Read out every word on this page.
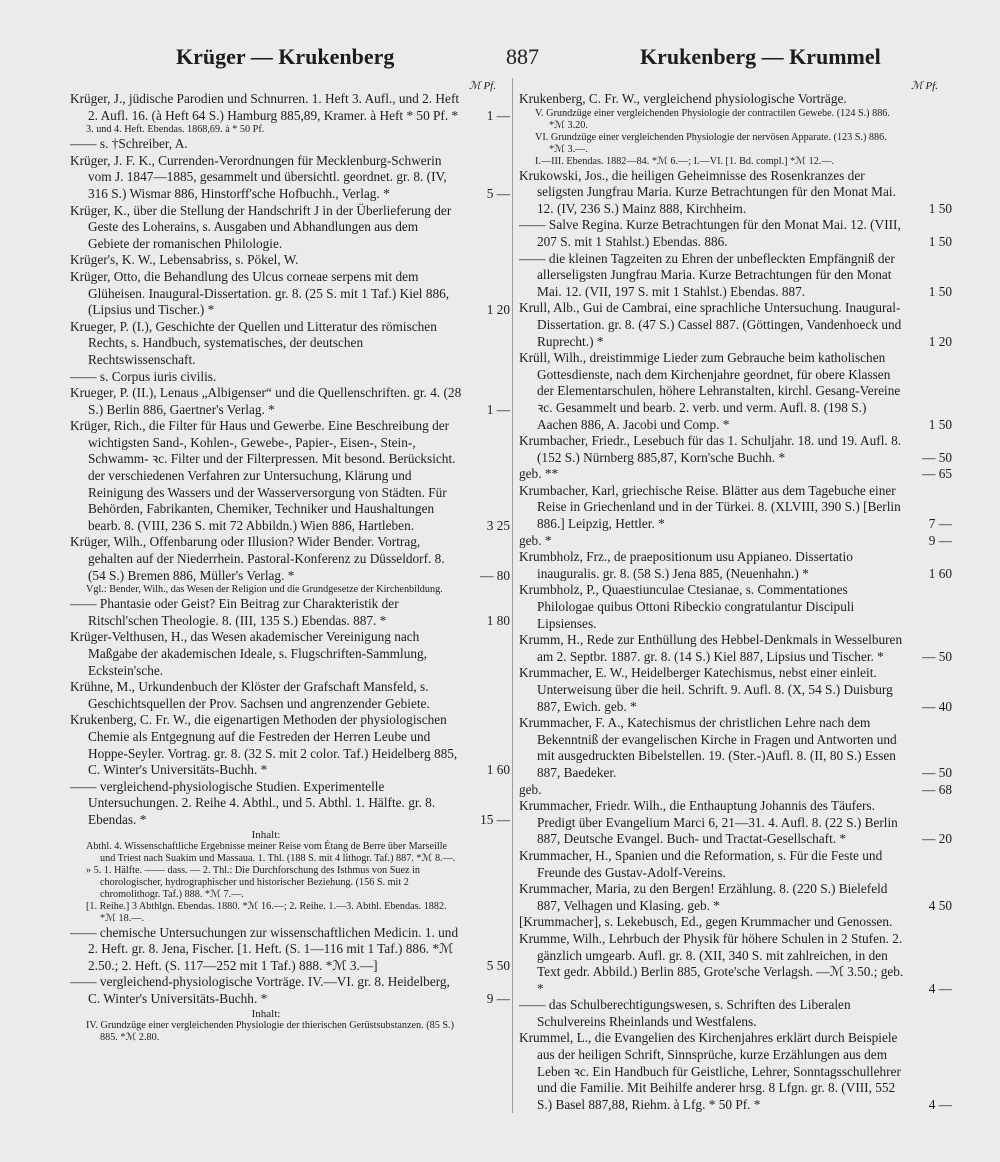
Krüger — Krukenberg	887	Krukenberg — Krummel
ℳ Pf.
Krüger, J., jüdische Parodien und Schnurren. 1. Heft 3. Aufl., und 2. Heft 2. Aufl. 16. (à Heft 64 S.) Hamburg 885,89, Kramer. à Heft * 50 Pf. *	1 —
3. und 4. Heft. Ebendas. 1868,69. à * 50 Pf.
—— s. †Schreiber, A.
Krüger, J. F. K., Currenden-Verordnungen für Mecklenburg-Schwerin vom J. 1847—1885, gesammelt und übersichtl. geordnet. gr. 8. (IV, 316 S.) Wismar 886, Hinstorff'sche Hofbuchh., Verlag. *	5 —
Krüger, K., über die Stellung der Handschrift J in der Überlieferung der Geste des Loherains, s. Ausgaben und Abhandlungen aus dem Gebiete der romanischen Philologie.
Krüger's, K. W., Lebensabriss, s. Pökel, W.
Krüger, Otto, die Behandlung des Ulcus corneae serpens mit dem Glüheisen. Inaugural-Dissertation. gr. 8. (25 S. mit 1 Taf.) Kiel 886, (Lipsius und Tischer.) *	1 20
Krueger, P. (I.), Geschichte der Quellen und Litteratur des römischen Rechts, s. Handbuch, systematisches, der deutschen Rechtswissenschaft.
—— s. Corpus iuris civilis.
Krueger, P. (II.), Lenaus „Albigenser“ und die Quellenschriften. gr. 4. (28 S.) Berlin 886, Gaertner's Verlag. *	1 —
Krüger, Rich., die Filter für Haus und Gewerbe. Eine Beschreibung der wichtigsten Sand-, Kohlen-, Gewebe-, Papier-, Eisen-, Stein-, Schwamm- ꝛc. Filter und der Filterpressen. Mit besond. Berücksicht. der verschiedenen Verfahren zur Untersuchung, Klärung und Reinigung des Wassers und der Wasserversorgung von Städten. Für Behörden, Fabrikanten, Chemiker, Techniker und Haushaltungen bearb. 8. (VIII, 236 S. mit 72 Abbildn.) Wien 886, Hartleben.	3 25
Krüger, Wilh., Offenbarung oder Illusion? Wider Bender. Vortrag, gehalten auf der Niederrhein. Pastoral-Konferenz zu Düsseldorf. 8. (54 S.) Bremen 886, Müller's Verlag. *	— 80
Vgl.: Bender, Wilh., das Wesen der Religion und die Grundgesetze der Kirchenbildung.
—— Phantasie oder Geist? Ein Beitrag zur Charakteristik der Ritschl'schen Theologie. 8. (III, 135 S.) Ebendas. 887. *	1 80
Krüger-Velthusen, H., das Wesen akademischer Vereinigung nach Maßgabe der akademischen Ideale, s. Flugschriften-Sammlung, Eckstein'sche.
Krühne, M., Urkundenbuch der Klöster der Grafschaft Mansfeld, s. Geschichtsquellen der Prov. Sachsen und angrenzender Gebiete.
Krukenberg, C. Fr. W., die eigenartigen Methoden der physiologischen Chemie als Entgegnung auf die Festreden der Herren Leube und Hoppe-Seyler. Vortrag. gr. 8. (32 S. mit 2 color. Taf.) Heidelberg 885, C. Winter's Universitäts-Buchh. *	1 60
—— vergleichend-physiologische Studien. Experimentelle Untersuchungen. 2. Reihe 4. Abthl., und 5. Abthl. 1. Hälfte. gr. 8. Ebendas. *	15 —
Inhalt:
Abthl. 4. Wissenschaftliche Ergebnisse meiner Reise vom Étang de Berre über Marseille und Triest nach Suakim und Massaua. 1. Thl. (188 S. mit 4 lithogr. Taf.) 887. *ℳ 8.—.
» 5. 1. Hälfte. —— dass. — 2. Thl.: Die Durchforschung des Isthmus von Suez in chorologischer, hydrographischer und historischer Beziehung. (156 S. mit 2 chromolithogr. Taf.) 888. *ℳ 7.—.
[1. Reihe.] 3 Abthlgn. Ebendas. 1880. *ℳ 16.—; 2. Reihe. 1.—3. Abthl. Ebendas. 1882. *ℳ 18.—.
—— chemische Untersuchungen zur wissenschaftlichen Medicin. 1. und 2. Heft. gr. 8. Jena, Fischer. [1. Heft. (S. 1—116 mit 1 Taf.) 886. *ℳ 2.50.; 2. Heft. (S. 117—252 mit 1 Taf.) 888. *ℳ 3.—]	5 50
—— vergleichend-physiologische Vorträge. IV.—VI. gr. 8. Heidelberg, C. Winter's Universitäts-Buchh. *	9 —
Inhalt:
IV. Grundzüge einer vergleichenden Physiologie der thierischen Gerüstsubstanzen. (85 S.) 885. *ℳ 2.80.
ℳ Pf.
Krukenberg, C. Fr. W., vergleichend physiologische Vorträge.
V. Grundzüge einer vergleichenden Physiologie der contractilen Gewebe. (124 S.) 886. *ℳ 3.20.
VI. Grundzüge einer vergleichenden Physiologie der nervösen Apparate. (123 S.) 886. *ℳ 3.—.
I.—III. Ebendas. 1882—84. *ℳ 6.—; I.—VI. [1. Bd. compl.] *ℳ 12.—.
Krukowski, Jos., die heiligen Geheimnisse des Rosenkranzes der seligsten Jungfrau Maria. Kurze Betrachtungen für den Monat Mai. 12. (IV, 236 S.) Mainz 888, Kirchheim.	1 50
—— Salve Regina. Kurze Betrachtungen für den Monat Mai. 12. (VIII, 207 S. mit 1 Stahlst.) Ebendas. 886.	1 50
—— die kleinen Tagzeiten zu Ehren der unbefleckten Empfängniß der allerseligsten Jungfrau Maria. Kurze Betrachtungen für den Monat Mai. 12. (VII, 197 S. mit 1 Stahlst.) Ebendas. 887.	1 50
Krull, Alb., Gui de Cambrai, eine sprachliche Untersuchung. Inaugural-Dissertation. gr. 8. (47 S.) Cassel 887. (Göttingen, Vandenhoeck und Ruprecht.) *	1 20
Krüll, Wilh., dreistimmige Lieder zum Gebrauche beim katholischen Gottesdienste, nach dem Kirchenjahre geordnet, für obere Klassen der Elementarschulen, höhere Lehranstalten, kirchl. Gesang-Vereine ꝛc. Gesammelt und bearb. 2. verb. und verm. Aufl. 8. (198 S.) Aachen 886, A. Jacobi und Comp. *	1 50
Krumbacher, Friedr., Lesebuch für das 1. Schuljahr. 18. und 19. Aufl. 8. (152 S.) Nürnberg 885,87, Korn'sche Buchh. *	— 50
geb. **	— 65
Krumbacher, Karl, griechische Reise. Blätter aus dem Tagebuche einer Reise in Griechenland und in der Türkei. 8. (XLVIII, 390 S.) [Berlin 886.] Leipzig, Hettler. *	7 —
geb. *	9 —
Krumbholz, Frz., de praepositionum usu Appianeo. Dissertatio inauguralis. gr. 8. (58 S.) Jena 885, (Neuenhahn.) *	1 60
Krumbholz, P., Quaestiunculae Ctesianae, s. Commentationes Philologae quibus Ottoni Ribeckio congratulantur Discipuli Lipsienses.
Krumm, H., Rede zur Enthüllung des Hebbel-Denkmals in Wesselburen am 2. Septbr. 1887. gr. 8. (14 S.) Kiel 887, Lipsius und Tischer. *	— 50
Krummacher, E. W., Heidelberger Katechismus, nebst einer einleit. Unterweisung über die heil. Schrift. 9. Aufl. 8. (X, 54 S.) Duisburg 887, Ewich. geb. *	— 40
Krummacher, F. A., Katechismus der christlichen Lehre nach dem Bekenntniß der evangelischen Kirche in Fragen und Antworten und mit ausgedruckten Bibelstellen. 19. (Ster.-)Aufl. 8. (II, 80 S.) Essen 887, Baedeker.	— 50
geb.	— 68
Krummacher, Friedr. Wilh., die Enthauptung Johannis des Täufers. Predigt über Evangelium Marci 6, 21—31. 4. Aufl. 8. (22 S.) Berlin 887, Deutsche Evangel. Buch- und Tractat-Gesellschaft. *	— 20
Krummacher, H., Spanien und die Reformation, s. Für die Feste und Freunde des Gustav-Adolf-Vereins.
Krummacher, Maria, zu den Bergen! Erzählung. 8. (220 S.) Bielefeld 887, Velhagen und Klasing. geb. *	4 50
[Krummacher], s. Lekebusch, Ed., gegen Krummacher und Genossen.
Krumme, Wilh., Lehrbuch der Physik für höhere Schulen in 2 Stufen. 2. gänzlich umgearb. Aufl. gr. 8. (XII, 340 S. mit zahlreichen, in den Text gedr. Abbild.) Berlin 885, Grote'sche Verlagsh. —ℳ 3.50.; geb. *	4 —
—— das Schulberechtigungswesen, s. Schriften des Liberalen Schulvereins Rheinlands und Westfalens.
Krummel, L., die Evangelien des Kirchenjahres erklärt durch Beispiele aus der heiligen Schrift, Sinnsprüche, kurze Erzählungen aus dem Leben ꝛc. Ein Handbuch für Geistliche, Lehrer, Sonntagsschullehrer und die Familie. Mit Beihilfe anderer hrsg. 8 Lfgn. gr. 8. (VIII, 552 S.) Basel 887,88, Riehm. à Lfg. * 50 Pf. *	4 —
